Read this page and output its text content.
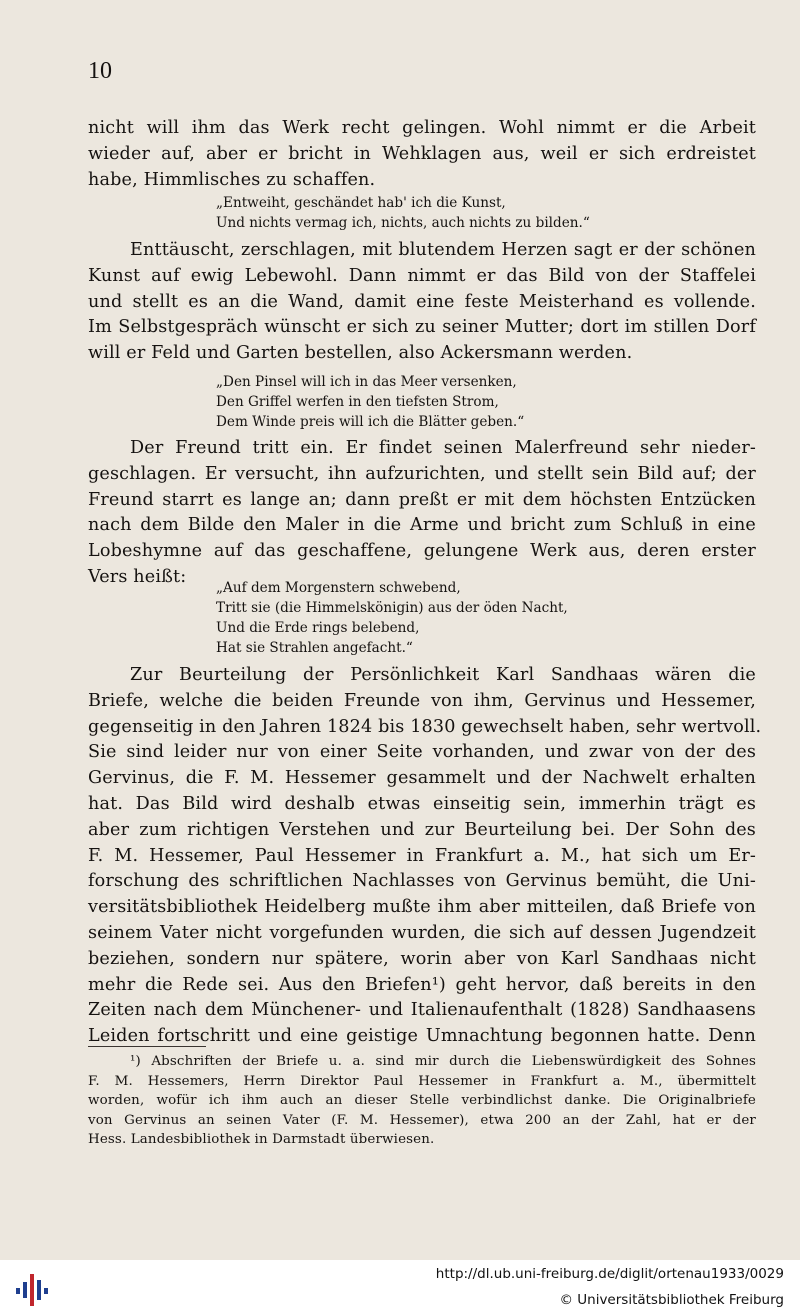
10
nicht will ihm das Werk recht gelingen. Wohl nimmt er die Arbeit
wieder auf, aber er bricht in Wehklagen aus, weil er sich erdreistet
habe, Himmlisches zu schaffen.
„Entweiht, geschändet hab' ich die Kunst,
Und nichts vermag ich, nichts, auch nichts zu bilden.“
Enttäuscht, zerschlagen, mit blutendem Herzen sagt er der schönen
Kunst auf ewig Lebewohl. Dann nimmt er das Bild von der Staffelei
und stellt es an die Wand, damit eine feste Meisterhand es vollende.
Im Selbstgespräch wünscht er sich zu seiner Mutter; dort im stillen Dorf
will er Feld und Garten bestellen, also Ackersmann werden.
„Den Pinsel will ich in das Meer versenken,
Den Griffel werfen in den tiefsten Strom,
Dem Winde preis will ich die Blätter geben.“
Der Freund tritt ein. Er findet seinen Malerfreund sehr nieder-
geschlagen. Er versucht, ihn aufzurichten, und stellt sein Bild auf; der
Freund starrt es lange an; dann preßt er mit dem höchsten Entzücken
nach dem Bilde den Maler in die Arme und bricht zum Schluß in eine
Lobeshymne auf das geschaffene, gelungene Werk aus, deren erster
Vers heißt:
„Auf dem Morgenstern schwebend,
Tritt sie (die Himmelskönigin) aus der öden Nacht,
Und die Erde rings belebend,
Hat sie Strahlen angefacht.“
Zur Beurteilung der Persönlichkeit Karl Sandhaas wären die
Briefe, welche die beiden Freunde von ihm, Gervinus und Hessemer,
gegenseitig in den Jahren 1824 bis 1830 gewechselt haben, sehr wertvoll.
Sie sind leider nur von einer Seite vorhanden, und zwar von der des
Gervinus, die F. M. Hessemer gesammelt und der Nachwelt erhalten
hat. Das Bild wird deshalb etwas einseitig sein, immerhin trägt es
aber zum richtigen Verstehen und zur Beurteilung bei. Der Sohn des
F. M. Hessemer, Paul Hessemer in Frankfurt a. M., hat sich um Er-
forschung des schriftlichen Nachlasses von Gervinus bemüht, die Uni-
versitätsbibliothek Heidelberg mußte ihm aber mitteilen, daß Briefe von
seinem Vater nicht vorgefunden wurden, die sich auf dessen Jugendzeit
beziehen, sondern nur spätere, worin aber von Karl Sandhaas nicht
mehr die Rede sei. Aus den Briefen¹) geht hervor, daß bereits in den
Zeiten nach dem Münchener- und Italienaufenthalt (1828) Sandhaasens
Leiden fortschritt und eine geistige Umnachtung begonnen hatte. Denn
¹) Abschriften der Briefe u. a. sind mir durch die Liebenswürdigkeit des Sohnes
F. M. Hessemers, Herrn Direktor Paul Hessemer in Frankfurt a. M., übermittelt
worden, wofür ich ihm auch an dieser Stelle verbindlichst danke. Die Originalbriefe
von Gervinus an seinen Vater (F. M. Hessemer), etwa 200 an der Zahl, hat er der
Hess. Landesbibliothek in Darmstadt überwiesen.
http://dl.ub.uni-freiburg.de/diglit/ortenau1933/0029
© Universitätsbibliothek Freiburg
